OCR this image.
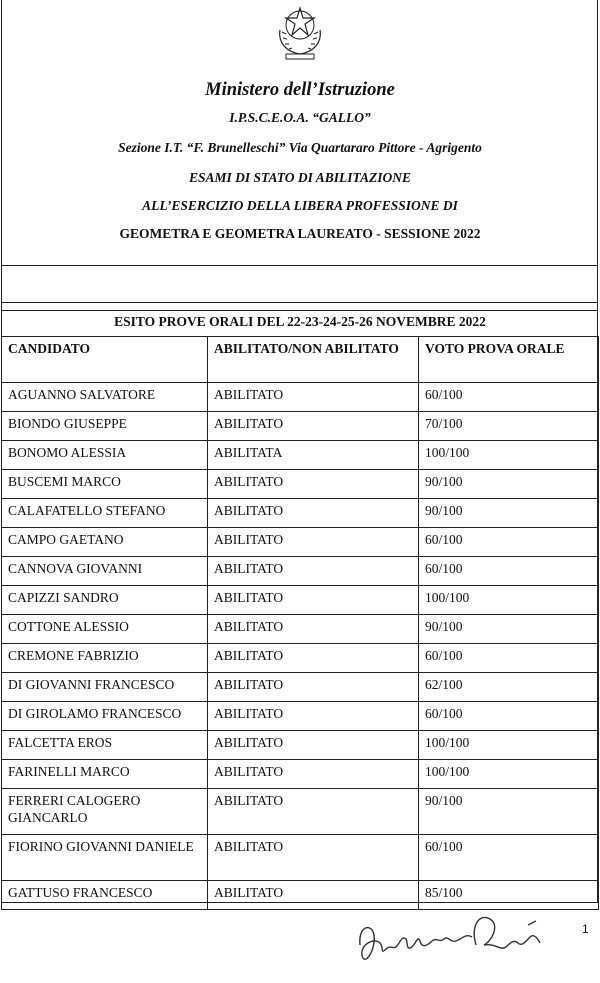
Ministero dell’Istruzione
I.P.S.C.E.O.A. “GALLO”
Sezione I.T. “F. Brunelleschi” Via Quartararo Pittore - Agrigento
ESAMI DI STATO DI ABILITAZIONE
ALL’ESERCIZIO DELLA LIBERA PROFESSIONE DI
GEOMETRA E GEOMETRA LAUREATO - SESSIONE 2022
ESITO PROVE ORALI DEL 22-23-24-25-26 NOVEMBRE 2022
CANDIDATO	ABILITATO/NON ABILITATO	VOTO PROVA ORALE
AGUANNO SALVATORE	ABILITATO	60/100
BIONDO GIUSEPPE	ABILITATO	70/100
BONOMO ALESSIA	ABILITATA	100/100
BUSCEMI MARCO	ABILITATO	90/100
CALAFATELLO STEFANO	ABILITATO	90/100
CAMPO GAETANO	ABILITATO	60/100
CANNOVA GIOVANNI	ABILITATO	60/100
CAPIZZI SANDRO	ABILITATO	100/100
COTTONE ALESSIO	ABILITATO	90/100
CREMONE FABRIZIO	ABILITATO	60/100
DI GIOVANNI FRANCESCO	ABILITATO	62/100
DI GIROLAMO FRANCESCO	ABILITATO	60/100
FALCETTA EROS	ABILITATO	100/100
FARINELLI MARCO	ABILITATO	100/100
FERRERI CALOGERO GIANCARLO	ABILITATO	90/100
FIORINO GIOVANNI DANIELE	ABILITATO	60/100
GATTUSO FRANCESCO	ABILITATO	85/100
1
